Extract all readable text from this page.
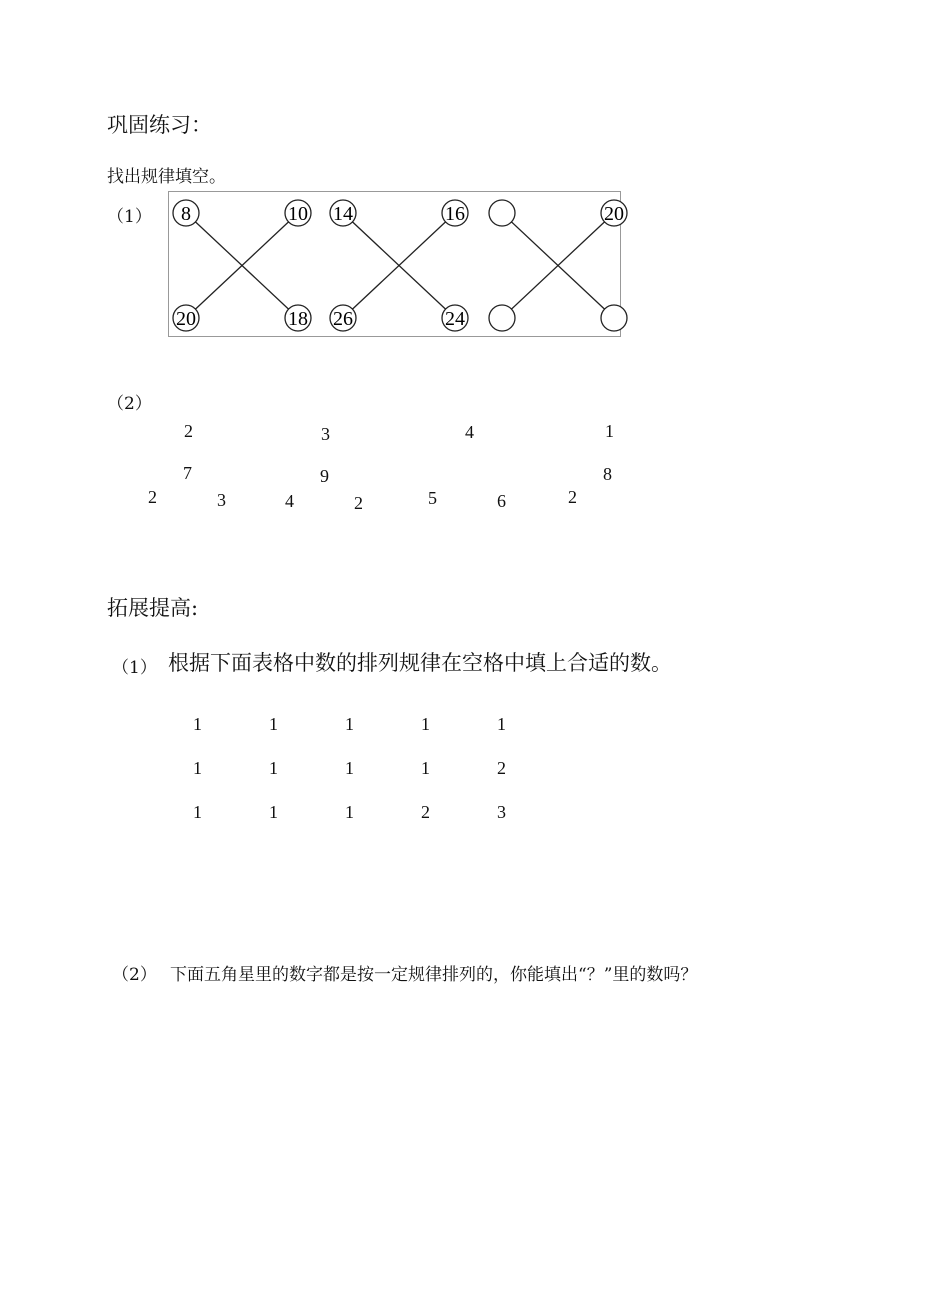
巩固练习：
找出规律填空。
（1） 8	10
20	18
14	16
26	24
20
（2）
2	3	4	1
7	9	8
2	3	4	2	5	6	2
拓展提高:
（1） 根据下面表格中数的排列规律在空格中填上合适的数。
1	1	1	1	1
1	1	1	1	2
1	1	1	2	3
（2） 下面五角星里的数字都是按一定规律排列的，你能填出“？”里的数吗？
